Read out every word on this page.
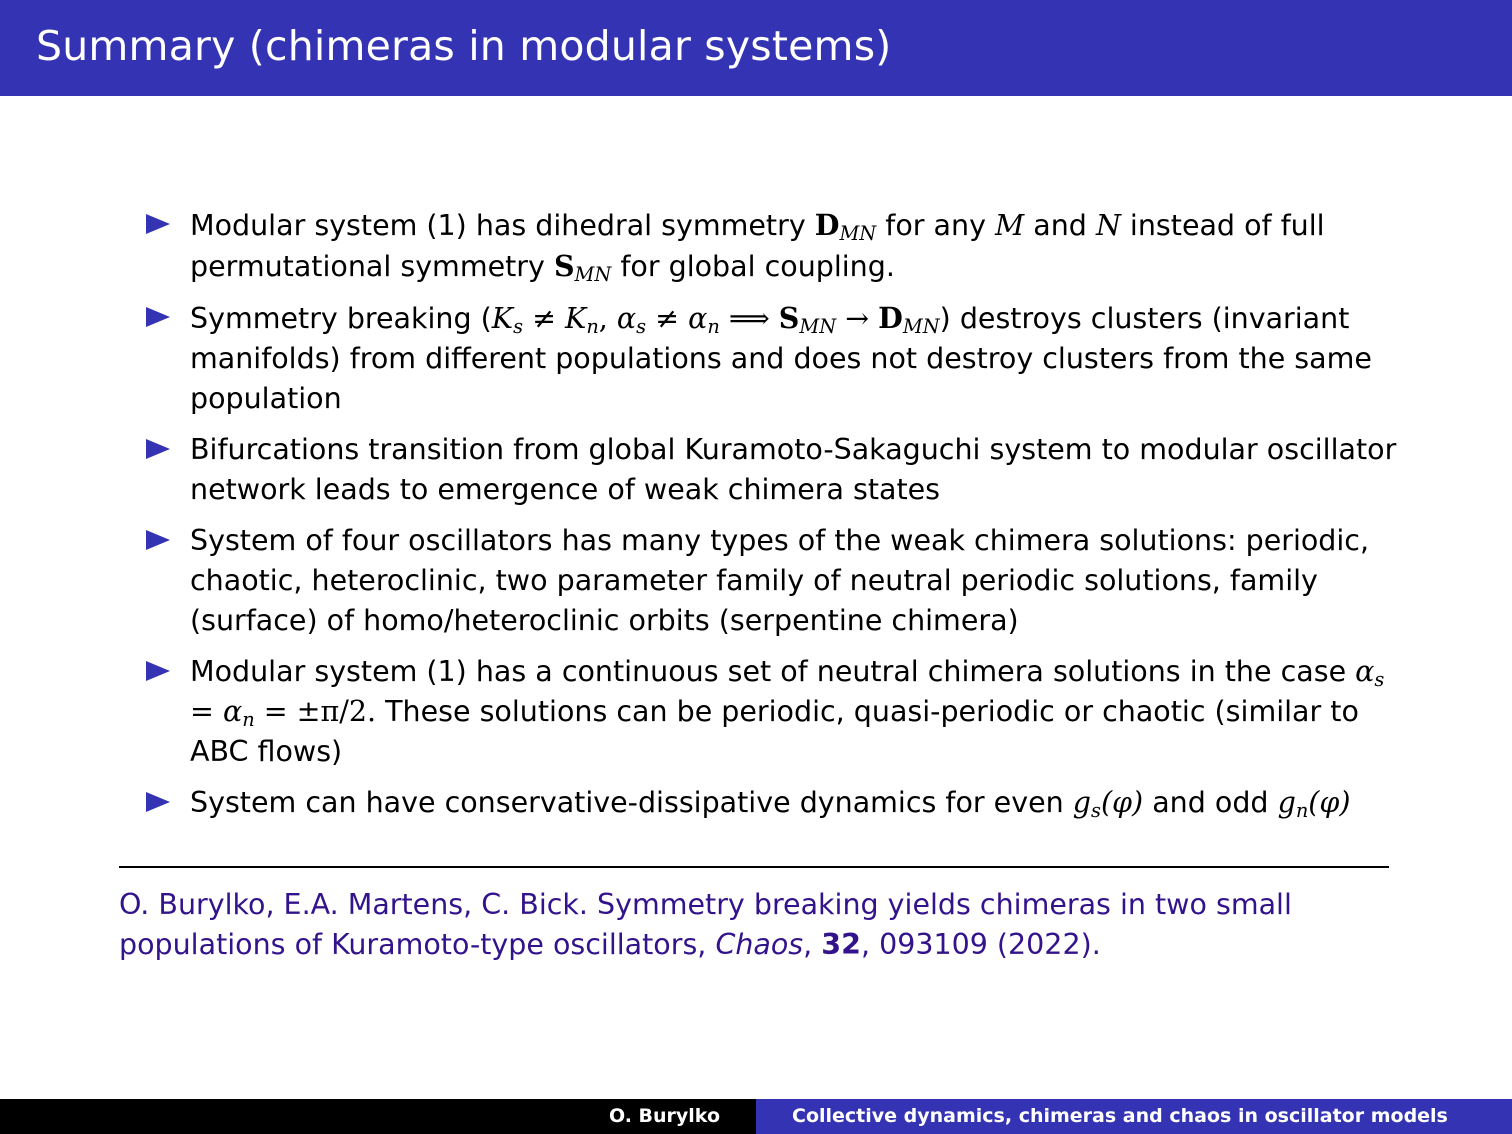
Summary (chimeras in modular systems)
Modular system (1) has dihedral symmetry $D_{MN}$ for any M and N instead of full permutational symmetry $S_{MN}$ for global coupling.
Symmetry breaking ($K_s \ne K_n$, $\alpha_s \ne \alpha_n$ ⟹ $S_{MN} \to D_{MN}$) destroys clusters (invariant manifolds) from different populations and does not destroy clusters from the same population
Bifurcations transition from global Kuramoto-Sakaguchi system to modular oscillator network leads to emergence of weak chimera states
System of four oscillators has many types of the weak chimera solutions: periodic, chaotic, heteroclinic, two parameter family of neutral periodic solutions, family (surface) of homo/heteroclinic orbits (serpentine chimera)
Modular system (1) has a continuous set of neutral chimera solutions in the case $\alpha_s = \alpha_n = \pm\pi/2$. These solutions can be periodic, quasi-periodic or chaotic (similar to ABC flows)
System can have conservative-dissipative dynamics for even $g_s(\varphi)$ and odd $g_n(\varphi)$
O. Burylko, E.A. Martens, C. Bick. Symmetry breaking yields chimeras in two small populations of Kuramoto-type oscillators, Chaos, 32, 093109 (2022).
O. Burylko	Collective dynamics, chimeras and chaos in oscillator models
